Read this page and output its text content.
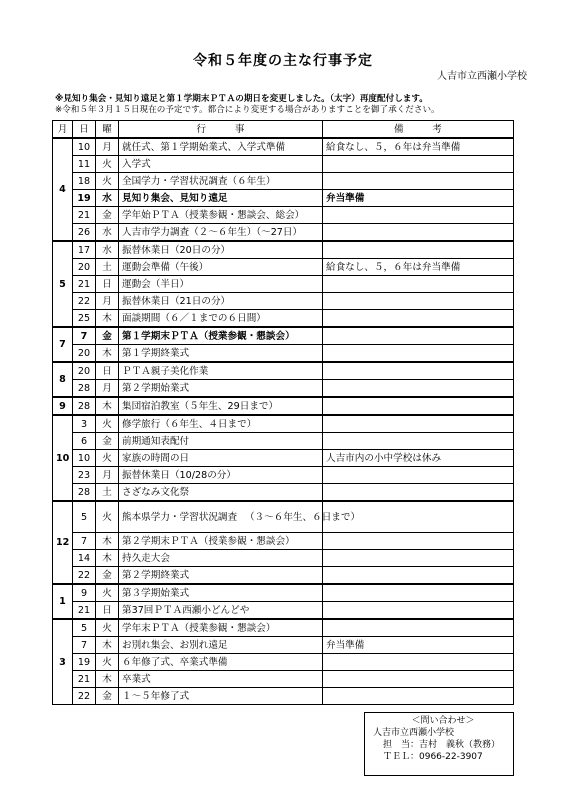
令和５年度の主な行事予定
人吉市立西瀬小学校
※見知り集会・見知り遠足と第１学期末ＰＴＡの期日を変更しました。（太字）再度配付します。
※令和５年３月１５日現在の予定です。都合により変更する場合がありますことを御了承ください。
月	日	曜	行　　　事	備　　　考
4	10	月	就任式、第１学期始業式、入学式準備	給食なし、５，６年は弁当準備
	11	火	入学式	
	18	火	全国学力・学習状況調査（６年生）	
	19	水	見知り集会、見知り遠足	弁当準備
	21	金	学年始ＰＴＡ（授業参観・懇談会、総会）	
	26	水	人吉市学力調査（２～６年生）（～27日）	
5	17	水	振替休業日（20日の分）	
	20	土	運動会準備（午後）	給食なし、５，６年は弁当準備
	21	日	運動会（半日）	
	22	月	振替休業日（21日の分）	
	25	木	面談期間（６／１までの６日間）	
7	7	金	第１学期末ＰＴＡ（授業参観・懇談会）	
	20	木	第１学期終業式	
8	20	日	ＰＴＡ親子美化作業	
	28	月	第２学期始業式	
9	28	木	集団宿泊教室（５年生、29日まで）	
10	3	火	修学旅行（６年生、４日まで）	
	6	金	前期通知表配付	
	10	火	家族の時間の日	人吉市内の小中学校は休み
	23	月	振替休業日（10/28の分）	
	28	土	さざなみ文化祭	
12	5	火	熊本県学力・学習状況調査 　（３～６年生、６日まで）	
	7	木	第２学期末ＰＴＡ（授業参観・懇談会）	
	14	木	持久走大会	
	22	金	第２学期終業式	
1	9	火	第３学期始業式	
	21	日	第37回ＰＴＡ西瀬小どんどや	
3	5	火	学年末ＰＴＡ（授業参観・懇談会）	
	7	木	お別れ集会、お別れ遠足	弁当準備
	19	火	６年修了式、卒業式準備	
	21	木	卒業式	
	22	金	１～５年修了式	
＜問い合わせ＞
人吉市立西瀬小学校
担　当：吉村　義秋（教務）
ＴＥＬ：0966-22-3907
